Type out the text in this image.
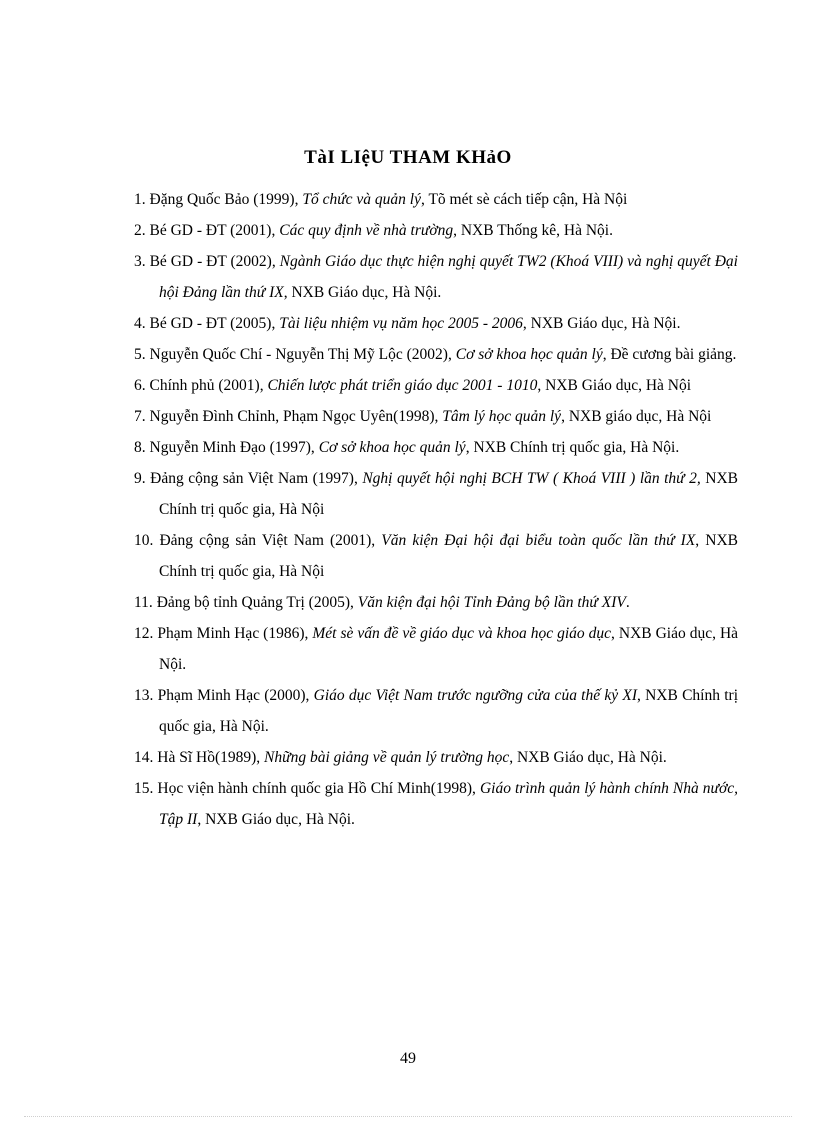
TàI LIệU THAM KHảO
1. Đặng Quốc Bảo (1999), Tổ chức và quản lý, Tõ mét sè cách tiếp cận, Hà Nội
2. Bé GD - ĐT (2001), Các quy định về nhà trường, NXB Thống kê, Hà Nội.
3. Bé GD - ĐT (2002), Ngành Giáo dục thực hiện nghị quyết TW2 (Khoá VIII) và nghị quyết Đại hội Đảng lần thứ IX, NXB Giáo dục, Hà Nội.
4. Bé GD - ĐT (2005), Tài liệu nhiệm vụ năm học 2005 - 2006, NXB Giáo dục, Hà Nội.
5. Nguyễn Quốc Chí - Nguyễn Thị Mỹ Lộc (2002), Cơ sở khoa học quản lý, Đề cương bài giảng.
6. Chính phủ (2001), Chiến lược phát triển giáo dục 2001 - 1010, NXB Giáo dục, Hà Nội
7. Nguyễn Đình Chỉnh, Phạm Ngọc Uyên(1998), Tâm lý học quản lý, NXB giáo dục, Hà Nội
8. Nguyễn Minh Đạo (1997), Cơ sở khoa học quản lý, NXB Chính trị quốc gia, Hà Nội.
9. Đảng cộng sản Việt Nam (1997), Nghị quyết hội nghị BCH TW ( Khoá VIII ) lần thứ 2, NXB Chính trị quốc gia, Hà Nội
10. Đảng cộng sản Việt Nam (2001), Văn kiện Đại hội đại biểu toàn quốc lần thứ IX, NXB Chính trị quốc gia, Hà Nội
11. Đảng bộ tỉnh Quảng Trị (2005), Văn kiện đại hội Tỉnh Đảng bộ lần thứ XIV.
12. Phạm Minh Hạc (1986), Mét sè vấn đề về giáo dục và khoa học giáo dục, NXB Giáo dục, Hà Nội.
13. Phạm Minh Hạc (2000), Giáo dục Việt Nam trước ngưỡng cửa của thế kỷ XI, NXB Chính trị quốc gia, Hà Nội.
14. Hà Sĩ Hồ(1989), Những bài giảng về quản lý trường học, NXB Giáo dục, Hà Nội.
15. Học viện hành chính quốc gia Hồ Chí Minh(1998), Giáo trình quản lý hành chính Nhà nước, Tập II, NXB Giáo dục, Hà Nội.
49
